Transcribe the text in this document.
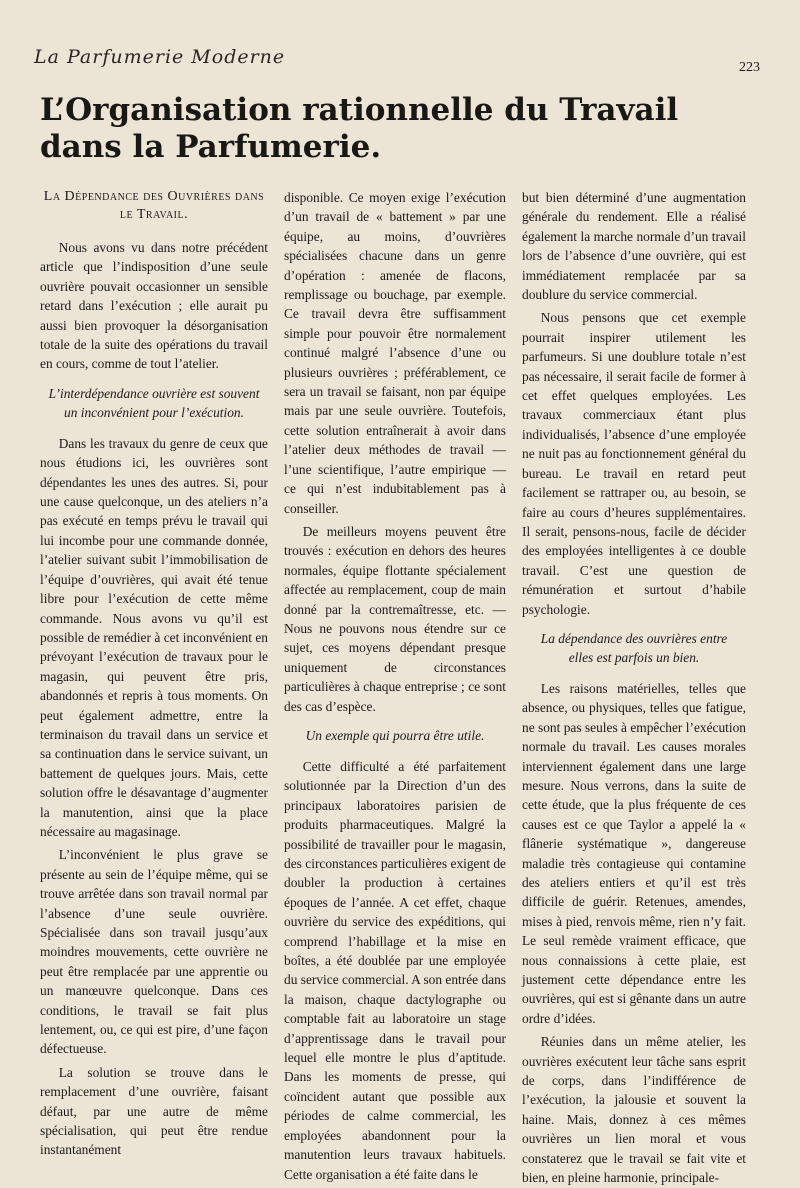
La Parfumerie Moderne	223
L’Organisation rationnelle du Travail dans la Parfumerie.

La Dépendance des Ouvrières dans le Travail.

Nous avons vu dans notre précédent article que l’indisposition d’une seule ouvrière pouvait occasionner un sensible retard dans l’exécution ; elle aurait pu aussi bien provoquer la désorganisation totale de la suite des opérations du travail en cours, comme de tout l’atelier.

L’interdépendance ouvrière est souvent un inconvénient pour l’exécution.

Dans les travaux du genre de ceux que nous étudions ici, les ouvrières sont dépendantes les unes des autres. Si, pour une cause quelconque, un des ateliers n’a pas exécuté en temps prévu le travail qui lui incombe pour une commande donnée, l’atelier suivant subit l’immobilisation de l’équipe d’ouvrières, qui avait été tenue libre pour l’exécution de cette même commande. Nous avons vu qu’il est possible de remédier à cet inconvénient en prévoyant l’exécution de travaux pour le magasin, qui peuvent être pris, abandonnés et repris à tous moments. On peut également admettre, entre la terminaison du travail dans un service et sa continuation dans le service suivant, un battement de quelques jours. Mais, cette solution offre le désavantage d’augmenter la manutention, ainsi que la place nécessaire au magasinage.

L’inconvénient le plus grave se présente au sein de l’équipe même, qui se trouve arrêtée dans son travail normal par l’absence d’une seule ouvrière. Spécialisée dans son travail jusqu’aux moindres mouvements, cette ouvrière ne peut être remplacée par une apprentie ou un manœuvre quelconque. Dans ces conditions, le travail se fait plus lentement, ou, ce qui est pire, d’une façon défectueuse.

La solution se trouve dans le remplacement d’une ouvrière, faisant défaut, par une autre de même spécialisation, qui peut être rendue instantanément

disponible. Ce moyen exige l’exécution d’un travail de « battement » par une équipe, au moins, d’ouvrières spécialisées chacune dans un genre d’opération : amenée de flacons, remplissage ou bouchage, par exemple. Ce travail devra être suffisamment simple pour pouvoir être normalement continué malgré l’absence d’une ou plusieurs ouvrières ; préférablement, ce sera un travail se faisant, non par équipe mais par une seule ouvrière. Toutefois, cette solution entraînerait à avoir dans l’atelier deux méthodes de travail — l’une scientifique, l’autre empirique — ce qui n’est indubitablement pas à conseiller.

De meilleurs moyens peuvent être trouvés : exécution en dehors des heures normales, équipe flottante spécialement affectée au remplacement, coup de main donné par la contremaîtresse, etc. — Nous ne pouvons nous étendre sur ce sujet, ces moyens dépendant presque uniquement de circonstances particulières à chaque entreprise ; ce sont des cas d’espèce.

Un exemple qui pourra être utile.

Cette difficulté a été parfaitement solutionnée par la Direction d’un des principaux laboratoires parisien de produits pharmaceutiques. Malgré la possibilité de travailler pour le magasin, des circonstances particulières exigent de doubler la production à certaines époques de l’année. A cet effet, chaque ouvrière du service des expéditions, qui comprend l’habillage et la mise en boîtes, a été doublée par une employée du service commercial. A son entrée dans la maison, chaque dactylographe ou comptable fait au laboratoire un stage d’apprentissage dans le travail pour lequel elle montre le plus d’aptitude. Dans les moments de presse, qui coïncident autant que possible aux périodes de calme commercial, les employées abandonnent pour la manutention leurs travaux habituels. Cette organisation a été faite dans le

but bien déterminé d’une augmentation générale du rendement. Elle a réalisé également la marche normale d’un travail lors de l’absence d’une ouvrière, qui est immédiatement remplacée par sa doublure du service commercial.

Nous pensons que cet exemple pourrait inspirer utilement les parfumeurs. Si une doublure totale n’est pas nécessaire, il serait facile de former à cet effet quelques employées. Les travaux commerciaux étant plus individualisés, l’absence d’une employée ne nuit pas au fonctionnement général du bureau. Le travail en retard peut facilement se rattraper ou, au besoin, se faire au cours d’heures supplémentaires. Il serait, pensons-nous, facile de décider des employées intelligentes à ce double travail. C’est une question de rémunération et surtout d’habile psychologie.

La dépendance des ouvrières entre elles est parfois un bien.

Les raisons matérielles, telles que absence, ou physiques, telles que fatigue, ne sont pas seules à empêcher l’exécution normale du travail. Les causes morales interviennent également dans une large mesure. Nous verrons, dans la suite de cette étude, que la plus fréquente de ces causes est ce que Taylor a appelé la « flânerie systématique », dangereuse maladie très contagieuse qui contamine des ateliers entiers et qu’il est très difficile de guérir. Retenues, amendes, mises à pied, renvois même, rien n’y fait. Le seul remède vraiment efficace, que nous connaissions à cette plaie, est justement cette dépendance entre les ouvrières, qui est si gênante dans un autre ordre d’idées.

Réunies dans un même atelier, les ouvrières exécutent leur tâche sans esprit de corps, dans l’indifférence de l’exécution, la jalousie et souvent la haine. Mais, donnez à ces mêmes ouvrières un lien moral et vous constaterez que le travail se fait vite et bien, en pleine harmonie, principale-
